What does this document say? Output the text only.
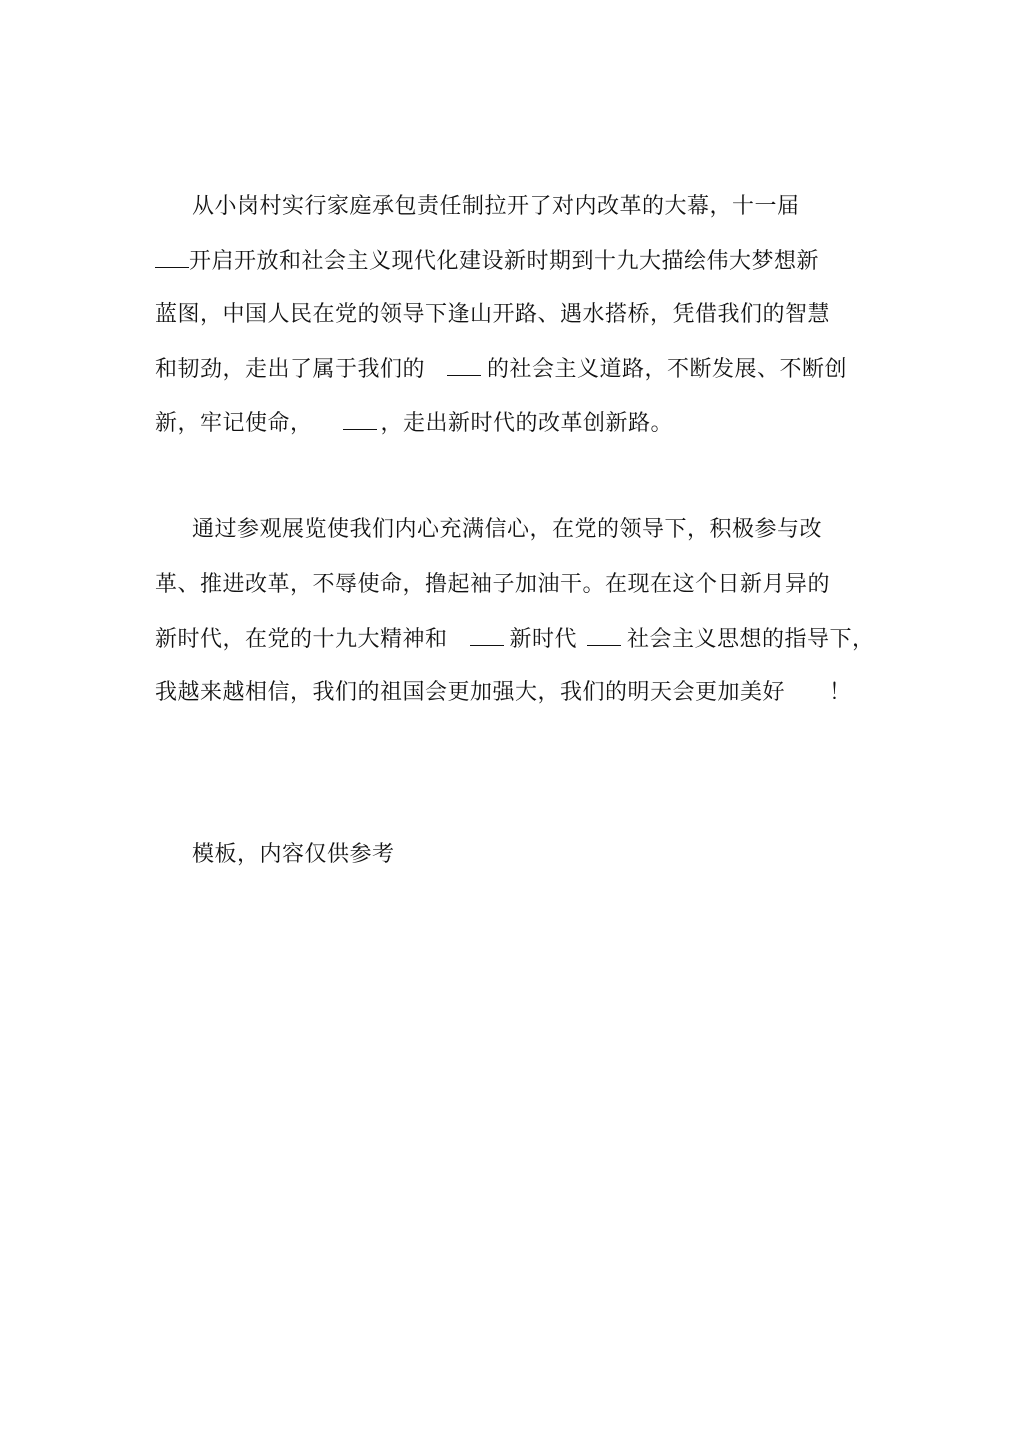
从小岗村实行家庭承包责任制拉开了对内改革的大幕，十一届
开启开放和社会主义现代化建设新时期到十九大描绘伟大梦想新
蓝图，中国人民在党的领导下逢山开路、遇水搭桥，凭借我们的智慧
和韧劲，走出了属于我们的	的社会主义道路，不断发展、不断创
新，牢记使命，	，走出新时代的改革创新路。
通过参观展览使我们内心充满信心，在党的领导下，积极参与改
革、推进改革，不辱使命，撸起袖子加油干。在现在这个日新月异的
新时代，在党的十九大精神和	新时代 社会主义思想的指导下，
我越来越相信，我们的祖国会更加强大，我们的明天会更加美好 ！
模板，内容仅供参考
